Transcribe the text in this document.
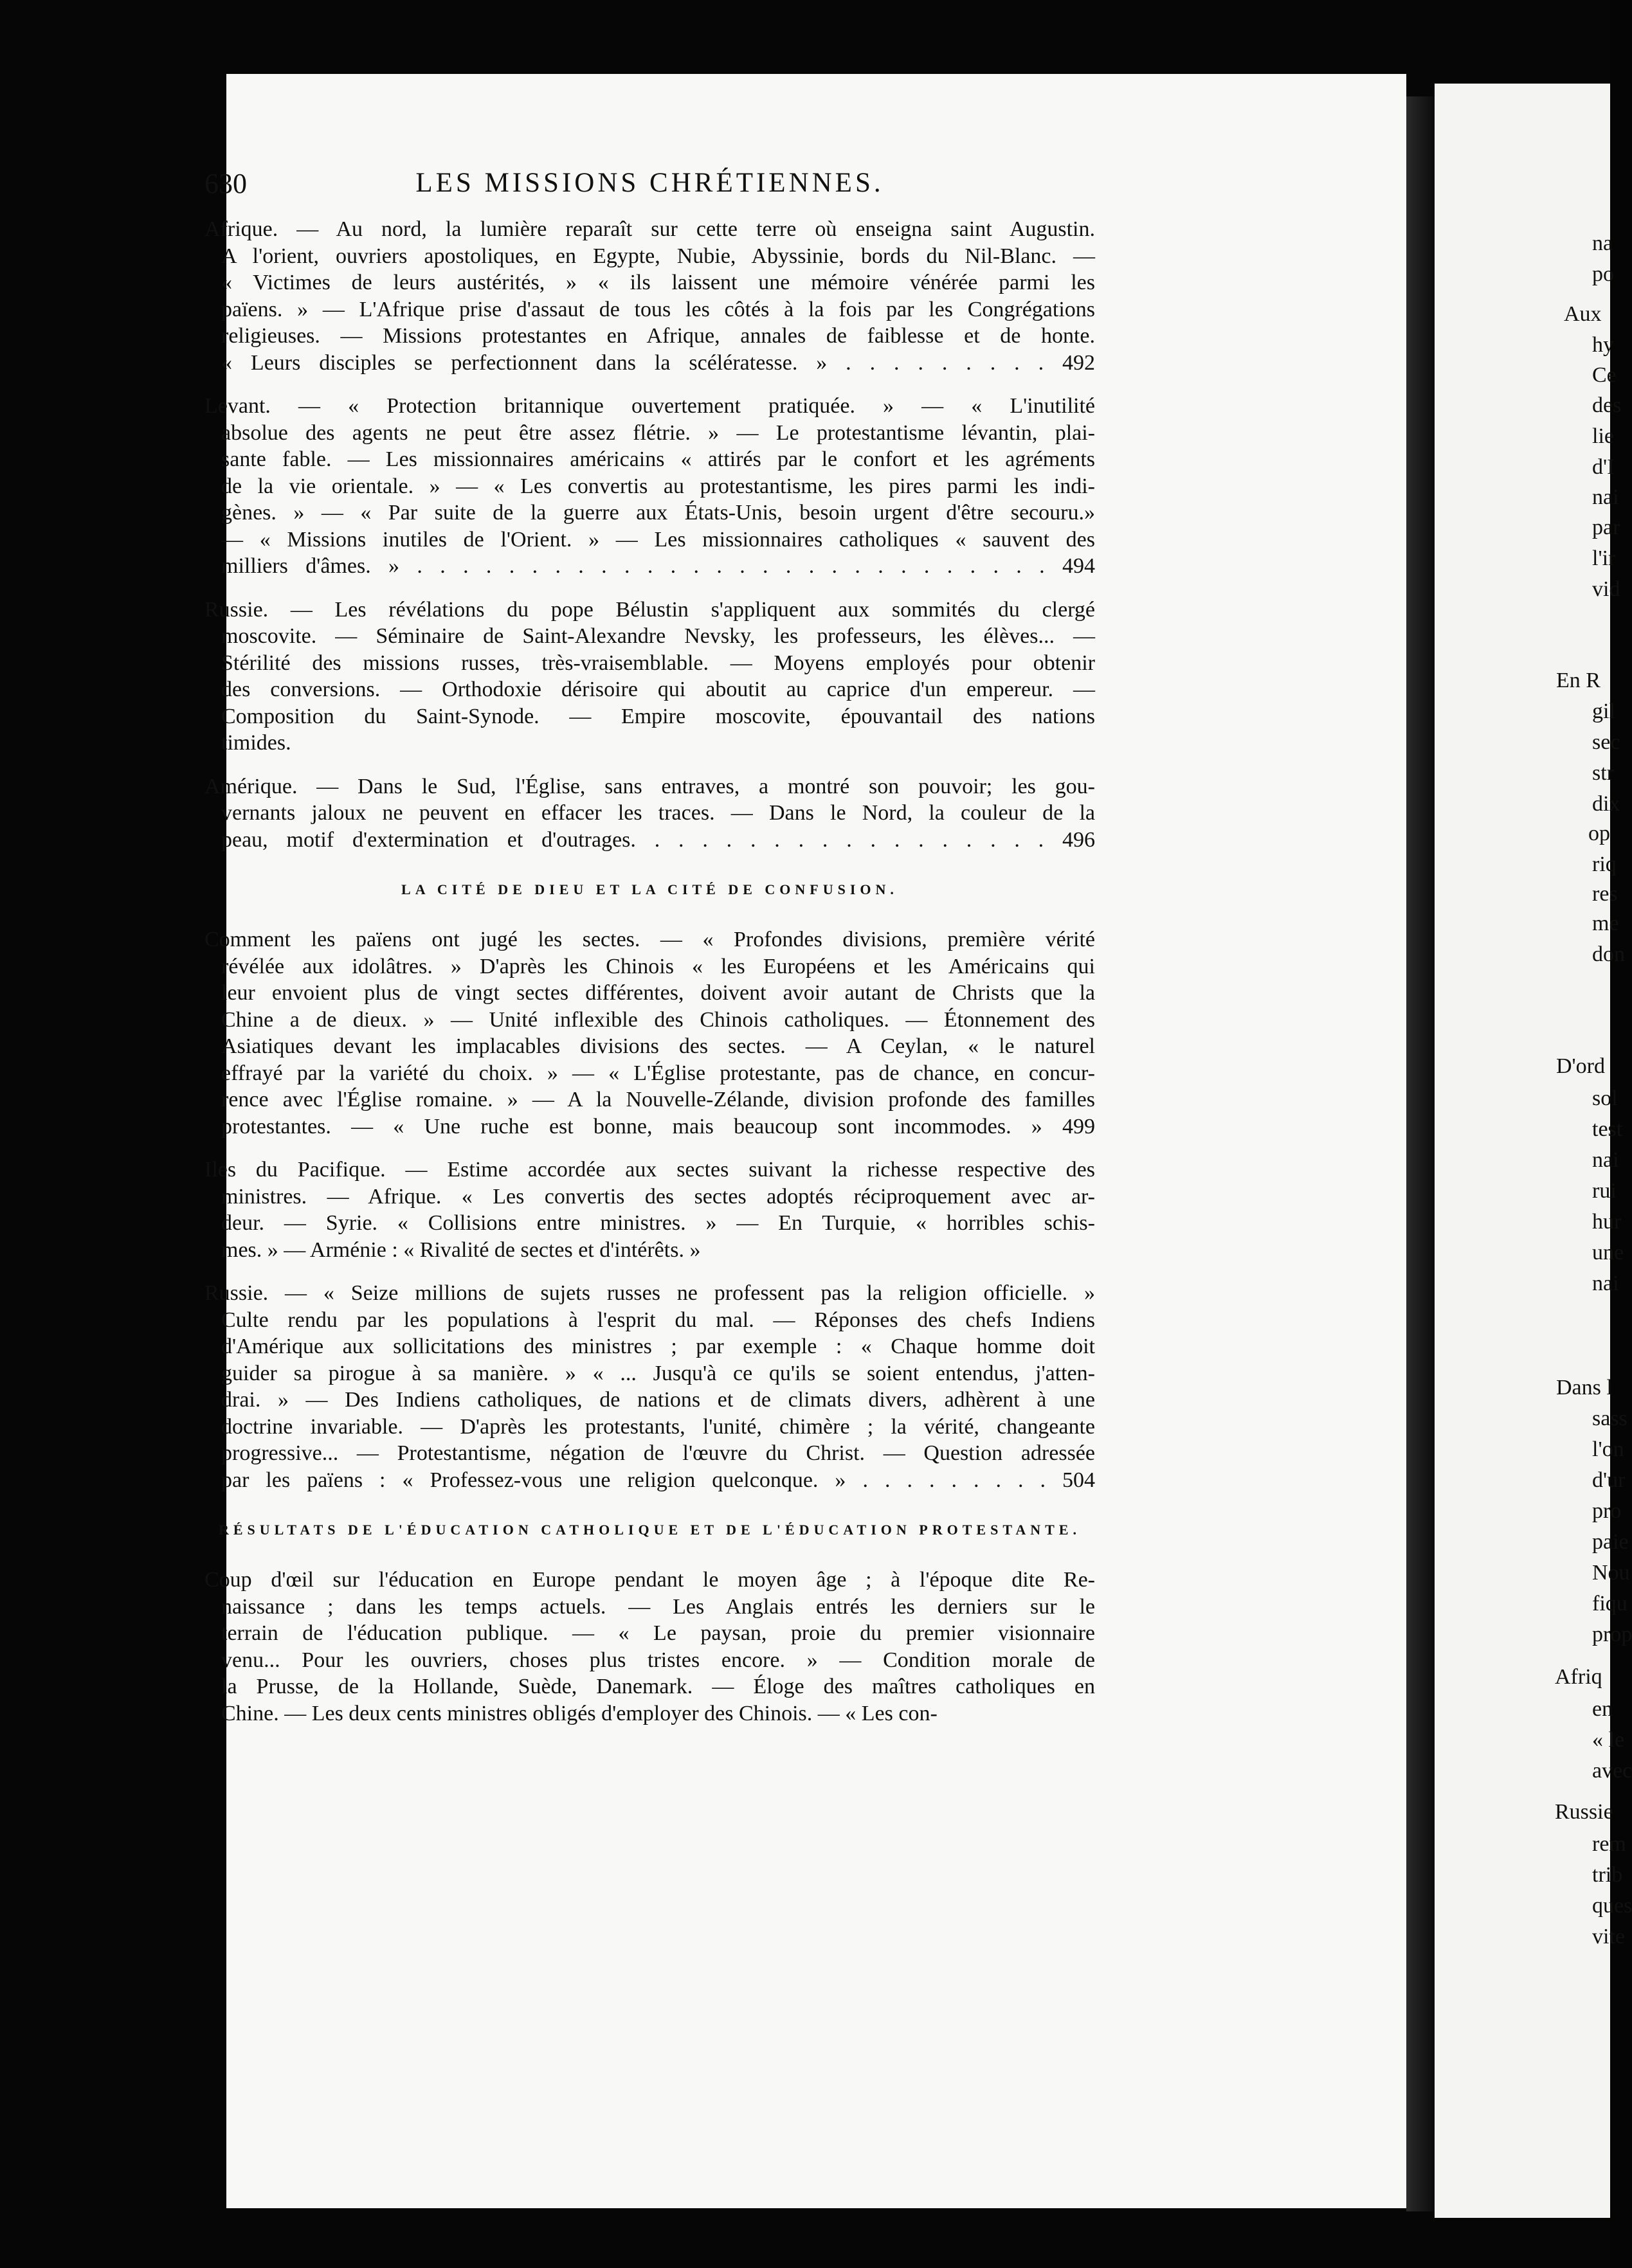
630	LES MISSIONS CHRÉTIENNES.
Afrique. — Au nord, la lumière reparaît sur cette terre où enseigna saint Augustin.
A l'orient, ouvriers apostoliques, en Egypte, Nubie, Abyssinie, bords du Nil-Blanc. —
« Victimes de leurs austérités, » « ils laissent une mémoire vénérée parmi les
païens. » — L'Afrique prise d'assaut de tous les côtés à la fois par les Congrégations
religieuses. — Missions protestantes en Afrique, annales de faiblesse et de honte.
« Leurs disciples se perfectionnent dans la scélératesse. » . . . . . . . . . 492
Levant. — « Protection britannique ouvertement pratiquée. » — « L'inutilité
absolue des agents ne peut être assez flétrie. » — Le protestantisme lévantin, plai-
sante fable. — Les missionnaires américains « attirés par le confort et les agréments
de la vie orientale. » — « Les convertis au protestantisme, les pires parmi les indi-
gènes. » — « Par suite de la guerre aux États-Unis, besoin urgent d'être secouru.»
— « Missions inutiles de l'Orient. » — Les missionnaires catholiques « sauvent des
milliers d'âmes. » . . . . . . . . . . . . . . . . . . . . . . . . . . . . 494
Russie. — Les révélations du pope Bélustin s'appliquent aux sommités du clergé
moscovite. — Séminaire de Saint-Alexandre Nevsky, les professeurs, les élèves... —
Stérilité des missions russes, très-vraisemblable. — Moyens employés pour obtenir
des conversions. — Orthodoxie dérisoire qui aboutit au caprice d'un empereur. —
Composition du Saint-Synode. — Empire moscovite, épouvantail des nations
timides.
Amérique. — Dans le Sud, l'Église, sans entraves, a montré son pouvoir; les gou-
vernants jaloux ne peuvent en effacer les traces. — Dans le Nord, la couleur de la
peau, motif d'extermination et d'outrages. . . . . . . . . . . . . . . . . . 496
LA CITÉ DE DIEU ET LA CITÉ DE CONFUSION.
Comment les païens ont jugé les sectes. — « Profondes divisions, première vérité
révélée aux idolâtres. » D'après les Chinois « les Européens et les Américains qui
leur envoient plus de vingt sectes différentes, doivent avoir autant de Christs que la
Chine a de dieux. » — Unité inflexible des Chinois catholiques. — Étonnement des
Asiatiques devant les implacables divisions des sectes. — A Ceylan, « le naturel
effrayé par la variété du choix. » — « L'Église protestante, pas de chance, en concur-
rence avec l'Église romaine. » — A la Nouvelle-Zélande, division profonde des familles
protestantes. — « Une ruche est bonne, mais beaucoup sont incommodes. » 499
Iles du Pacifique. — Estime accordée aux sectes suivant la richesse respective des
ministres. — Afrique. « Les convertis des sectes adoptés réciproquement avec ar-
deur. — Syrie. « Collisions entre ministres. » — En Turquie, « horribles schis-
mes. » — Arménie : « Rivalité de sectes et d'intérêts. »
Russie. — « Seize millions de sujets russes ne professent pas la religion officielle. »
Culte rendu par les populations à l'esprit du mal. — Réponses des chefs Indiens
d'Amérique aux sollicitations des ministres ; par exemple : « Chaque homme doit
guider sa pirogue à sa manière. » « ... Jusqu'à ce qu'ils se soient entendus, j'atten-
drai. » — Des Indiens catholiques, de nations et de climats divers, adhèrent à une
doctrine invariable. — D'après les protestants, l'unité, chimère ; la vérité, changeante
progressive... — Protestantisme, négation de l'œuvre du Christ. — Question adressée
par les païens : « Professez-vous une religion quelconque. » . . . . . . . . . 504
RÉSULTATS DE L'ÉDUCATION CATHOLIQUE ET DE L'ÉDUCATION PROTESTANTE.
Coup d'œil sur l'éducation en Europe pendant le moyen âge ; à l'époque dite Re-
naissance ; dans les temps actuels. — Les Anglais entrés les derniers sur le
terrain de l'éducation publique. — « Le paysan, proie du premier visionnaire
venu... Pour les ouvriers, choses plus tristes encore. » — Condition morale de
la Prusse, de la Hollande, Suède, Danemark. — Éloge des maîtres catholiques en
Chine. — Les deux cents ministres obligés d'employer des Chinois. — « Les con-
na
po
Aux
hy
Ce
des
lie
d'I
nai
par
l'ir
vid
En R
gil
sec
str
dix
op
riq
res
me
don
D'ord
sol
test
nai
rui
hur
une
nai
Dans l
sass
l'on
d'ur
pro
paie
Nou
fiqu
prop
Afriq
en
« le
avec
Russie
rem
trib
ques
vite
